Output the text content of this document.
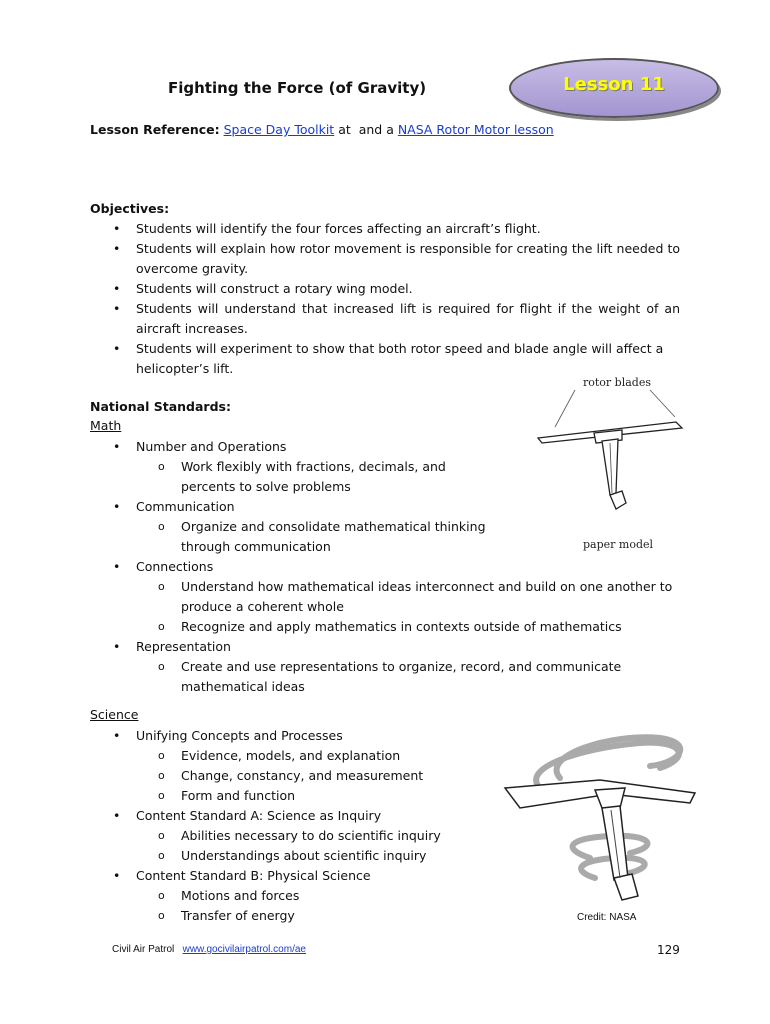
Fighting the Force (of Gravity)	Lesson 11
Lesson Reference: Space Day Toolkit at  and a NASA Rotor Motor lesson
Objectives:
• Students will identify the four forces affecting an aircraft’s flight.
• Students will explain how rotor movement is responsible for creating the lift needed to overcome gravity.
• Students will construct a rotary wing model.
• Students will understand that increased lift is required for flight if the weight of an aircraft increases.
• Students will experiment to show that both rotor speed and blade angle will affect a helicopter’s lift.
National Standards:
Math
• Number and Operations
o Work flexibly with fractions, decimals, and percents to solve problems
• Communication
o Organize and consolidate mathematical thinking through communication
• Connections
o Understand how mathematical ideas interconnect and build on one another to produce a coherent whole
o Recognize and apply mathematics in contexts outside of mathematics
• Representation
o Create and use representations to organize, record, and communicate mathematical ideas
Science
• Unifying Concepts and Processes
o Evidence, models, and explanation
o Change, constancy, and measurement
o Form and function
• Content Standard A: Science as Inquiry
o Abilities necessary to do scientific inquiry
o Understandings about scientific inquiry
• Content Standard B: Physical Science
o Motions and forces
o Transfer of energy
rotor blades
paper model
Credit: NASA
Civil Air Patrol www.gocivilairpatrol.com/ae	129
